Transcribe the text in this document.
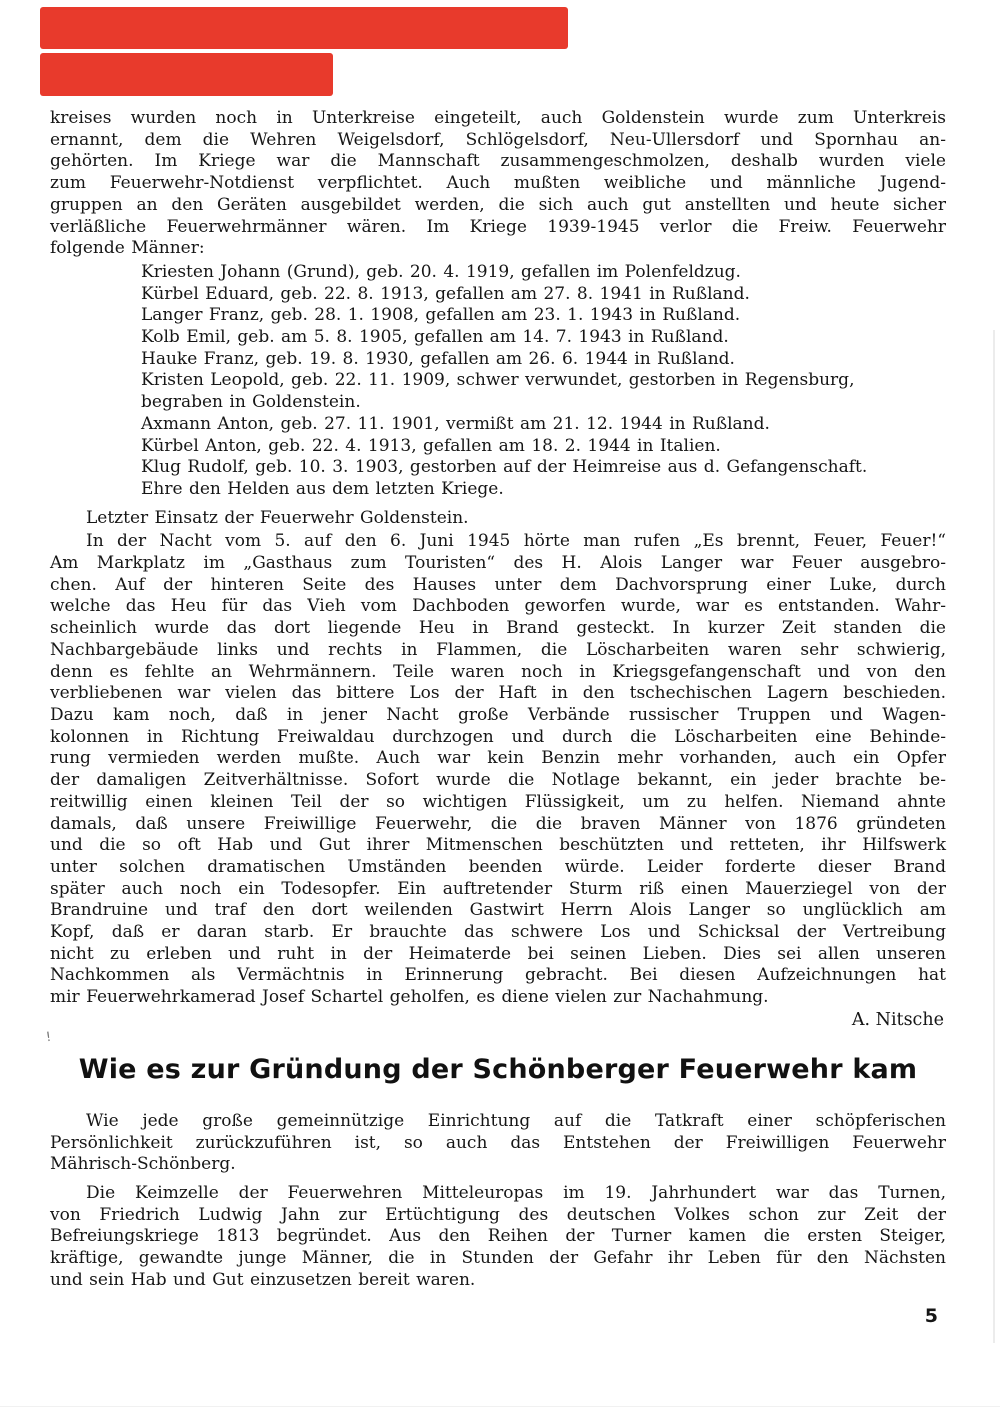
kreises wurden noch in Unterkreise eingeteilt, auch Goldenstein wurde zum Unterkreis
ernannt, dem die Wehren Weigelsdorf, Schlögelsdorf, Neu-Ullersdorf und Spornhau an-
gehörten. Im Kriege war die Mannschaft zusammengeschmolzen, deshalb wurden viele
zum Feuerwehr-Notdienst verpflichtet. Auch mußten weibliche und männliche Jugend-
gruppen an den Geräten ausgebildet werden, die sich auch gut anstellten und heute sicher
verläßliche Feuerwehrmänner wären. Im Kriege 1939-1945 verlor die Freiw. Feuerwehr
folgende Männer:
Kriesten Johann (Grund), geb. 20. 4. 1919, gefallen im Polenfeldzug.
Kürbel Eduard, geb. 22. 8. 1913, gefallen am 27. 8. 1941 in Rußland.
Langer Franz, geb. 28. 1. 1908, gefallen am 23. 1. 1943 in Rußland.
Kolb Emil, geb. am 5. 8. 1905, gefallen am 14. 7. 1943 in Rußland.
Hauke Franz, geb. 19. 8. 1930, gefallen am 26. 6. 1944 in Rußland.
Kristen Leopold, geb. 22. 11. 1909, schwer verwundet, gestorben in Regensburg,
begraben in Goldenstein.
Axmann Anton, geb. 27. 11. 1901, vermißt am 21. 12. 1944 in Rußland.
Kürbel Anton, geb. 22. 4. 1913, gefallen am 18. 2. 1944 in Italien.
Klug Rudolf, geb. 10. 3. 1903, gestorben auf der Heimreise aus d. Gefangenschaft.
Ehre den Helden aus dem letzten Kriege.
Letzter Einsatz der Feuerwehr Goldenstein.
In der Nacht vom 5. auf den 6. Juni 1945 hörte man rufen „Es brennt, Feuer, Feuer!“
Am Markplatz im „Gasthaus zum Touristen“ des H. Alois Langer war Feuer ausgebro-
chen. Auf der hinteren Seite des Hauses unter dem Dachvorsprung einer Luke, durch
welche das Heu für das Vieh vom Dachboden geworfen wurde, war es entstanden. Wahr-
scheinlich wurde das dort liegende Heu in Brand gesteckt. In kurzer Zeit standen die
Nachbargebäude links und rechts in Flammen, die Löscharbeiten waren sehr schwierig,
denn es fehlte an Wehrmännern. Teile waren noch in Kriegsgefangenschaft und von den
verbliebenen war vielen das bittere Los der Haft in den tschechischen Lagern beschieden.
Dazu kam noch, daß in jener Nacht große Verbände russischer Truppen und Wagen-
kolonnen in Richtung Freiwaldau durchzogen und durch die Löscharbeiten eine Behinde-
rung vermieden werden mußte. Auch war kein Benzin mehr vorhanden, auch ein Opfer
der damaligen Zeitverhältnisse. Sofort wurde die Notlage bekannt, ein jeder brachte be-
reitwillig einen kleinen Teil der so wichtigen Flüssigkeit, um zu helfen. Niemand ahnte
damals, daß unsere Freiwillige Feuerwehr, die die braven Männer von 1876 gründeten
und die so oft Hab und Gut ihrer Mitmenschen beschützten und retteten, ihr Hilfswerk
unter solchen dramatischen Umständen beenden würde. Leider forderte dieser Brand
später auch noch ein Todesopfer. Ein auftretender Sturm riß einen Mauerziegel von der
Brandruine und traf den dort weilenden Gastwirt Herrn Alois Langer so unglücklich am
Kopf, daß er daran starb. Er brauchte das schwere Los und Schicksal der Vertreibung
nicht zu erleben und ruht in der Heimaterde bei seinen Lieben. Dies sei allen unseren
Nachkommen als Vermächtnis in Erinnerung gebracht. Bei diesen Aufzeichnungen hat
mir Feuerwehrkamerad Josef Schartel geholfen, es diene vielen zur Nachahmung.
A. Nitsche
Wie es zur Gründung der Schönberger Feuerwehr kam
Wie jede große gemeinnützige Einrichtung auf die Tatkraft einer schöpferischen
Persönlichkeit zurückzuführen ist, so auch das Entstehen der Freiwilligen Feuerwehr
Mährisch-Schönberg.
Die Keimzelle der Feuerwehren Mitteleuropas im 19. Jahrhundert war das Turnen,
von Friedrich Ludwig Jahn zur Ertüchtigung des deutschen Volkes schon zur Zeit der
Befreiungskriege 1813 begründet. Aus den Reihen der Turner kamen die ersten Steiger,
kräftige, gewandte junge Männer, die in Stunden der Gefahr ihr Leben für den Nächsten
und sein Hab und Gut einzusetzen bereit waren.
5
!
